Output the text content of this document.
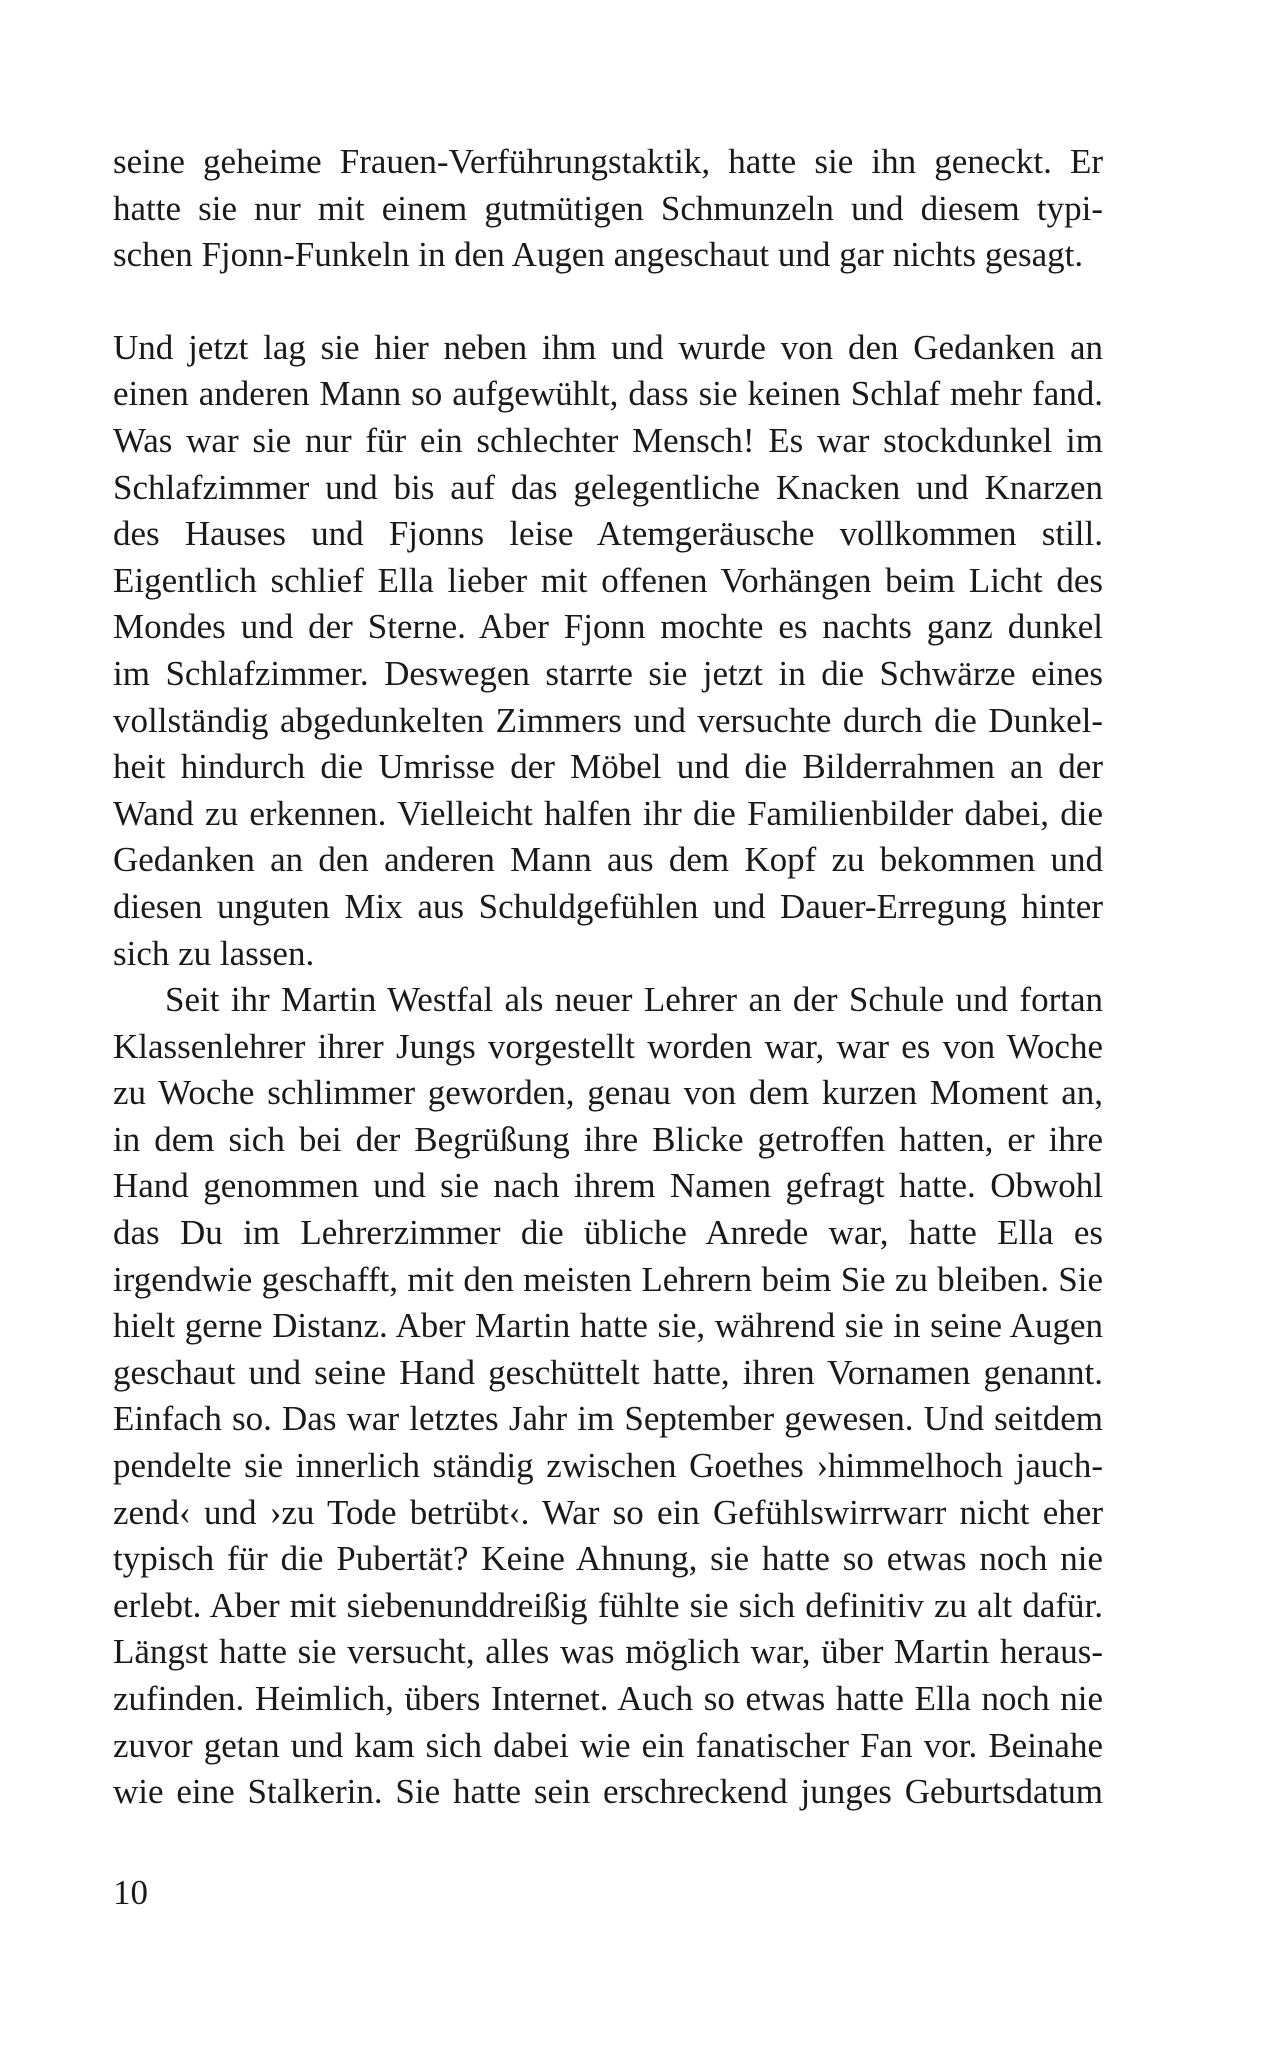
seine geheime Frauen-Verführungstaktik, hatte sie ihn geneckt. Er
hatte sie nur mit einem gutmütigen Schmunzeln und diesem typi-
schen Fjonn-Funkeln in den Augen angeschaut und gar nichts gesagt.
Und jetzt lag sie hier neben ihm und wurde von den Gedanken an
einen anderen Mann so aufgewühlt, dass sie keinen Schlaf mehr fand.
Was war sie nur für ein schlechter Mensch! Es war stockdunkel im
Schlafzimmer und bis auf das gelegentliche Knacken und Knarzen
des Hauses und Fjonns leise Atemgeräusche vollkommen still.
Eigentlich schlief Ella lieber mit offenen Vorhängen beim Licht des
Mondes und der Sterne. Aber Fjonn mochte es nachts ganz dunkel
im Schlafzimmer. Deswegen starrte sie jetzt in die Schwärze eines
vollständig abgedunkelten Zimmers und versuchte durch die Dunkel-
heit hindurch die Umrisse der Möbel und die Bilderrahmen an der
Wand zu erkennen. Vielleicht halfen ihr die Familienbilder dabei, die
Gedanken an den anderen Mann aus dem Kopf zu bekommen und
diesen unguten Mix aus Schuldgefühlen und Dauer-Erregung hinter
sich zu lassen.
Seit ihr Martin Westfal als neuer Lehrer an der Schule und fortan
Klassenlehrer ihrer Jungs vorgestellt worden war, war es von Woche
zu Woche schlimmer geworden, genau von dem kurzen Moment an,
in dem sich bei der Begrüßung ihre Blicke getroffen hatten, er ihre
Hand genommen und sie nach ihrem Namen gefragt hatte. Obwohl
das Du im Lehrerzimmer die übliche Anrede war, hatte Ella es
irgendwie geschafft, mit den meisten Lehrern beim Sie zu bleiben. Sie
hielt gerne Distanz. Aber Martin hatte sie, während sie in seine Augen
geschaut und seine Hand geschüttelt hatte, ihren Vornamen genannt.
Einfach so. Das war letztes Jahr im September gewesen. Und seitdem
pendelte sie innerlich ständig zwischen Goethes ›himmelhoch jauch-
zend‹ und ›zu Tode betrübt‹. War so ein Gefühlswirrwarr nicht eher
typisch für die Pubertät? Keine Ahnung, sie hatte so etwas noch nie
erlebt. Aber mit siebenunddreißig fühlte sie sich definitiv zu alt dafür.
Längst hatte sie versucht, alles was möglich war, über Martin heraus-
zufinden. Heimlich, übers Internet. Auch so etwas hatte Ella noch nie
zuvor getan und kam sich dabei wie ein fanatischer Fan vor. Beinahe
wie eine Stalkerin. Sie hatte sein erschreckend junges Geburtsdatum
10
